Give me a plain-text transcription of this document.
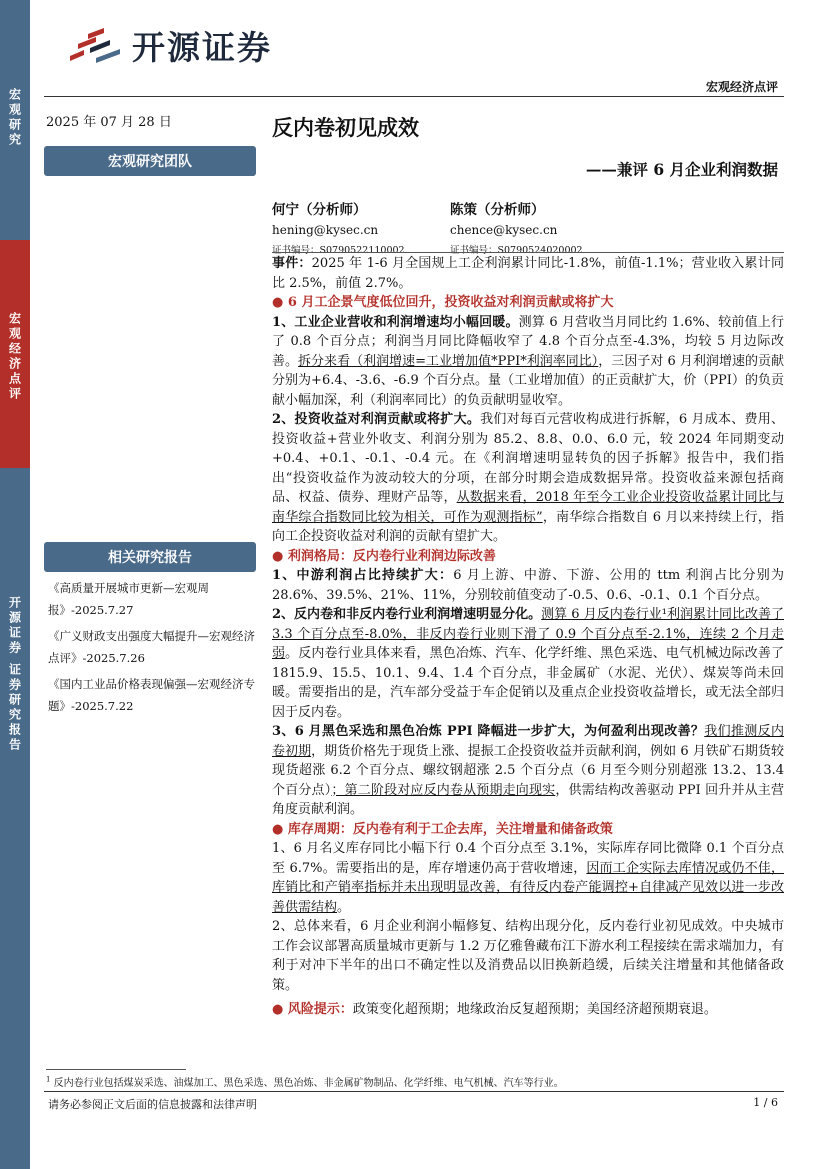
宏观研究
宏观经济点评
开源证券 证券研究报告
开源证券
宏观经济点评
2025 年 07 月 28 日	反内卷初见成效
——兼评 6 月企业利润数据
宏观研究团队
何宁（分析师）
hening@kysec.cn
证书编号：S0790522110002
陈策（分析师）
chence@kysec.cn
证书编号：S0790524020002
相关研究报告

《高质量开展城市更新—宏观周报》-2025.7.27

《广义财政支出强度大幅提升—宏观经济点评》-2025.7.26

《国内工业品价格表现偏强—宏观经济专题》-2025.7.22

事件：2025 年 1-6 月全国规上工企利润累计同比-1.8%，前值-1.1%；营业收入累计同比 2.5%，前值 2.7%。

● 6 月工企景气度低位回升，投资收益对利润贡献或将扩大

1、工业企业营收和利润增速均小幅回暖。测算 6 月营收当月同比约 1.6%、较前值上行了 0.8 个百分点；利润当月同比降幅收窄了 4.8 个百分点至-4.3%，均较 5 月边际改善。拆分来看（利润增速=工业增加值*PPI*利润率同比），三因子对 6 月利润增速的贡献分别为+6.4、-3.6、-6.9 个百分点。量（工业增加值）的正贡献扩大，价（PPI）的负贡献小幅加深，利（利润率同比）的负贡献明显收窄。

2、投资收益对利润贡献或将扩大。我们对每百元营收构成进行拆解，6 月成本、费用、投资收益+营业外收支、利润分别为 85.2、8.8、0.0、6.0 元，较 2024 年同期变动+0.4、+0.1、-0.1、-0.4 元。在《利润增速明显转负的因子拆解》报告中，我们指出“投资收益作为波动较大的分项，在部分时期会造成数据异常。投资收益来源包括商品、权益、债券、理财产品等，从数据来看，2018 年至今工业企业投资收益累计同比与南华综合指数同比较为相关，可作为观测指标”，南华综合指数自 6 月以来持续上行，指向工企投资收益对利润的贡献有望扩大。

● 利润格局：反内卷行业利润边际改善

1、中游利润占比持续扩大：6 月上游、中游、下游、公用的 ttm 利润占比分别为 28.6%、39.5%、21%、11%，分别较前值变动了-0.5、0.6、-0.1、0.1 个百分点。

2、反内卷和非反内卷行业利润增速明显分化。测算 6 月反内卷行业¹利润累计同比改善了 3.3 个百分点至-8.0%，非反内卷行业则下滑了 0.9 个百分点至-2.1%，连续 2 个月走弱。反内卷行业具体来看，黑色冶炼、汽车、化学纤维、黑色采选、电气机械边际改善了 1815.9、15.5、10.1、9.4、1.4 个百分点，非金属矿（水泥、光伏）、煤炭等尚未回暖。需要指出的是，汽车部分受益于车企促销以及重点企业投资收益增长，或无法全部归因于反内卷。

3、6 月黑色采选和黑色冶炼 PPI 降幅进一步扩大，为何盈利出现改善？我们推测反内卷初期，期货价格先于现货上涨、提振工企投资收益并贡献利润，例如 6 月铁矿石期货较现货超涨 6.2 个百分点、螺纹钢超涨 2.5 个百分点（6 月至今则分别超涨 13.2、13.4 个百分点）；第二阶段对应反内卷从预期走向现实，供需结构改善驱动 PPI 回升并从主营角度贡献利润。

● 库存周期：反内卷有利于工企去库，关注增量和储备政策

1、6 月名义库存同比小幅下行 0.4 个百分点至 3.1%，实际库存同比微降 0.1 个百分点至 6.7%。需要指出的是，库存增速仍高于营收增速，因而工企实际去库情况或仍不佳，库销比和产销率指标并未出现明显改善，有待反内卷产能调控+自律减产见效以进一步改善供需结构。

2、总体来看，6 月企业利润小幅修复、结构出现分化，反内卷行业初见成效。中央城市工作会议部署高质量城市更新与 1.2 万亿雅鲁藏布江下游水利工程接续在需求端加力，有利于对冲下半年的出口不确定性以及消费品以旧换新趋缓，后续关注增量和其他储备政策。

● 风险提示：政策变化超预期；地缘政治反复超预期；美国经济超预期衰退。

$^1$ 反内卷行业包括煤炭采选、油煤加工、黑色采选、黑色冶炼、非金属矿物制品、化学纤维、电气机械、汽车等行业。
请务必参阅正文后面的信息披露和法律声明	1 / 6
